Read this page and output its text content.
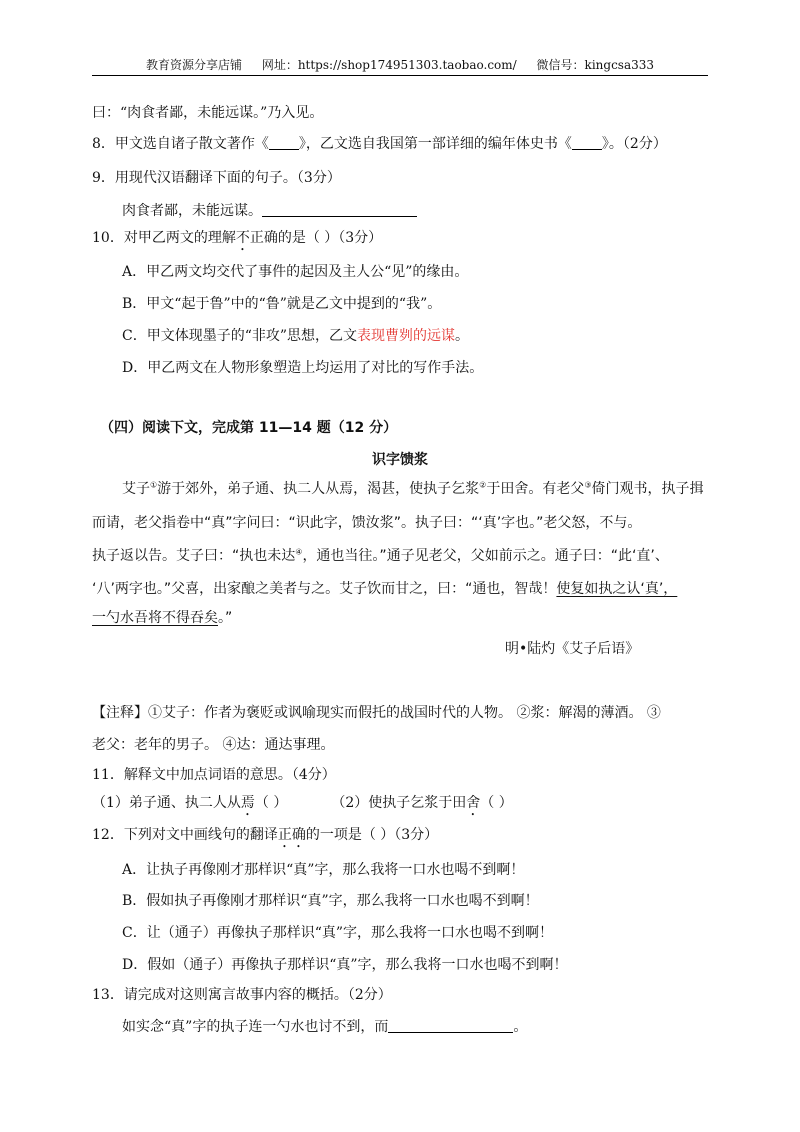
教育资源分享店铺 网址：https://shop174951303.taobao.com/ 微信号：kingcsa333
曰：“肉食者鄙，未能远谋。”乃入见。
8．甲文选自诸子散文著作《 》，乙文选自我国第一部详细的编年体史书《 》。（2分）
9．用现代汉语翻译下面的句子。（3分）
肉食者鄙，未能远谋。
10．对甲乙两文的理解不正确的是（ ）（3分）
A．甲乙两文均交代了事件的起因及主人公“见”的缘由。
B．甲文“起于鲁”中的“鲁”就是乙文中提到的“我”。
C．甲文体现墨子的“非攻”思想，乙文表现曹刿的远谋。
D．甲乙两文在人物形象塑造上均运用了对比的写作手法。
（四）阅读下文，完成第 11—14 题（12 分）
识字馈浆
艾子①游于郊外，弟子通、执二人从焉，渴甚，使执子乞浆②于田舍。有老父③倚门观书，执子揖
而请，老父指卷中“真”字问曰：“识此字，馈汝浆”。执子曰：“‘真’字也。”老父怒，不与。
执子返以告。艾子曰：“执也未达④，通也当往。”通子见老父，父如前示之。通子曰：“此‘直’、
‘八’两字也。”父喜，出家酿之美者与之。艾子饮而甘之，曰：“通也，智哉！使复如执之认‘真’，
一勺水吾将不得吞矣。”
明•陆灼《艾子后语》
【注释】①艾子：作者为褒贬或讽喻现实而假托的战国时代的人物。 ②浆：解渴的薄酒。 ③
老父：老年的男子。 ④达：通达事理。
11．解释文中加点词语的意思。（4分）
（1）弟子通、执二人从焉（ ）	（2）使执子乞浆于田舍（ ）
12．下列对文中画线句的翻译正确的一项是（ ）（3分）
A．让执子再像刚才那样识“真”字，那么我将一口水也喝不到啊！
B．假如执子再像刚才那样识“真”字，那么我将一口水也喝不到啊！
C．让（通子）再像执子那样识“真”字，那么我将一口水也喝不到啊！
D．假如（通子）再像执子那样识“真”字，那么我将一口水也喝不到啊！
13．请完成对这则寓言故事内容的概括。（2分）
如实念“真”字的执子连一勺水也讨不到，而	。
